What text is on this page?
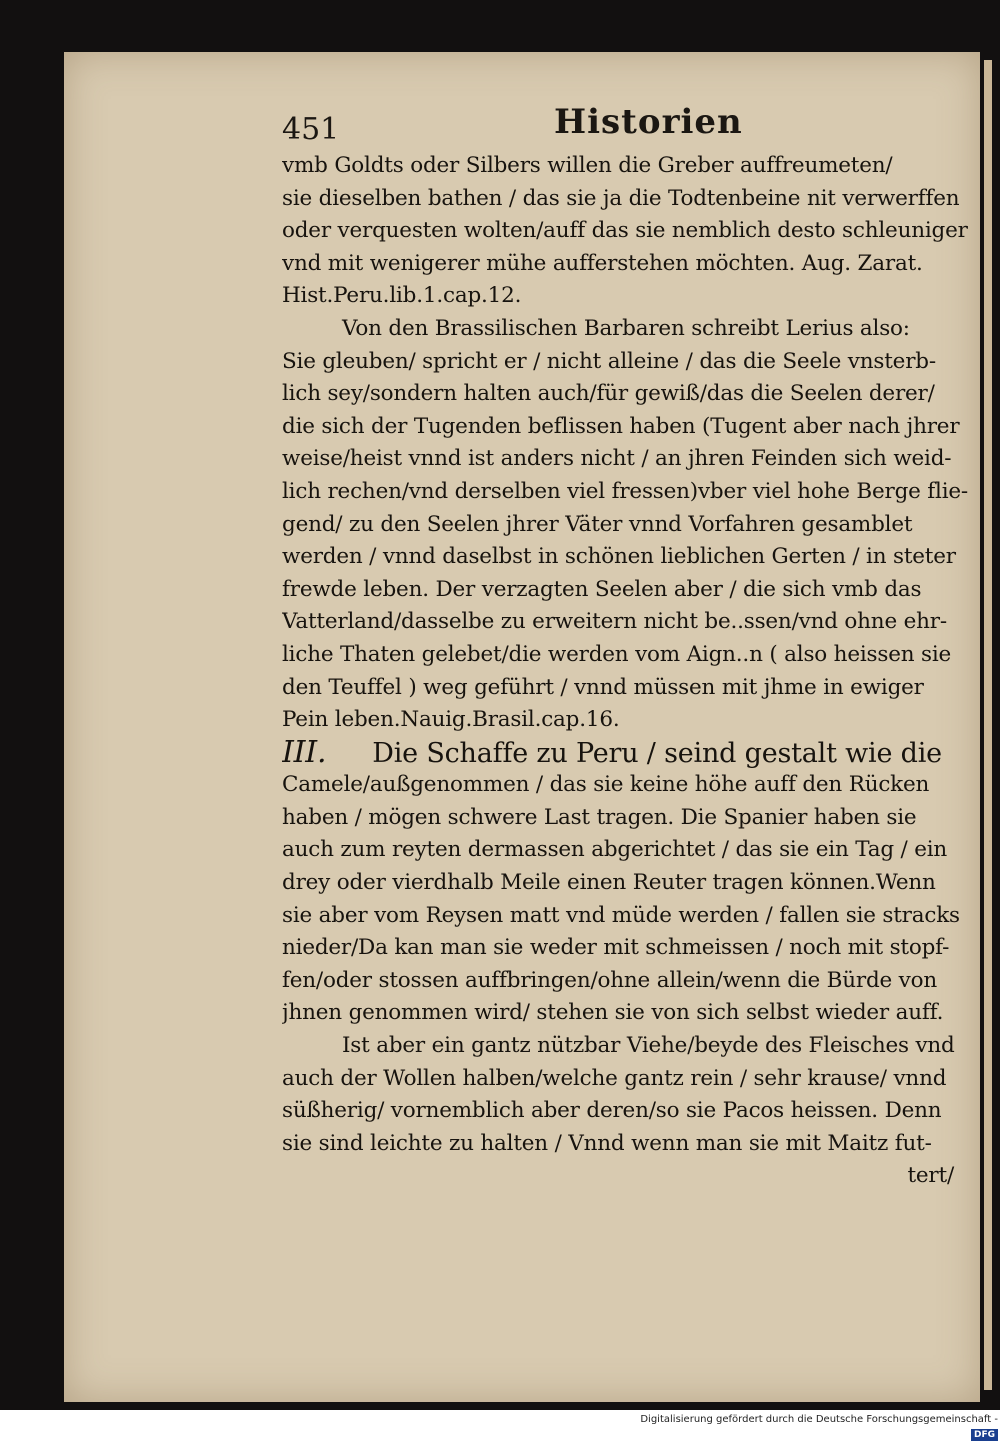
451	Historien
vmb Goldts oder Silbers willen die Greber auffreumeten/
sie dieselben bathen / das sie ja die Todtenbeine nit verwerffen
oder verquesten wolten/auff das sie nemblich desto schleuniger
vnd mit wenigerer mühe aufferstehen möchten. Aug. Zarat.
Hist.Peru.lib.1.cap.12.
Von den Brassilischen Barbaren schreibt Lerius also:
Sie gleuben/ spricht er / nicht alleine / das die Seele vnsterb-
lich sey/sondern halten auch/für gewiß/das die Seelen derer/
die sich der Tugenden beflissen haben (Tugent aber nach jhrer
weise/heist vnnd ist anders nicht / an jhren Feinden sich weid-
lich rechen/vnd derselben viel fressen)vber viel hohe Berge flie-
gend/ zu den Seelen jhrer Väter vnnd Vorfahren gesamblet
werden / vnnd daselbst in schönen lieblichen Gerten / in steter
frewde leben. Der verzagten Seelen aber / die sich vmb das
Vatterland/dasselbe zu erweitern nicht be..ssen/vnd ohne ehr-
liche Thaten gelebet/die werden vom Aign..n ( also heissen sie
den Teuffel ) weg geführt / vnnd müssen mit jhme in ewiger
Pein leben.Nauig.Brasil.cap.16.
III. Die Schaffe zu Peru / seind gestalt wie die
Camele/außgenommen / das sie keine höhe auff den Rücken
haben / mögen schwere Last tragen. Die Spanier haben sie
auch zum reyten dermassen abgerichtet / das sie ein Tag / ein
drey oder vierdhalb Meile einen Reuter tragen können.Wenn
sie aber vom Reysen matt vnd müde werden / fallen sie stracks
nieder/Da kan man sie weder mit schmeissen / noch mit stopf-
fen/oder stossen auffbringen/ohne allein/wenn die Bürde von
jhnen genommen wird/ stehen sie von sich selbst wieder auff.
Ist aber ein gantz nützbar Viehe/beyde des Fleisches vnd
auch der Wollen halben/welche gantz rein / sehr krause/ vnnd
süßherig/ vornemblich aber deren/so sie Pacos heissen. Denn
sie sind leichte zu halten / Vnnd wenn man sie mit Maitz fut-
tert/
Digitalisierung gefördert durch die Deutsche Forschungsgemeinschaft -DFG
